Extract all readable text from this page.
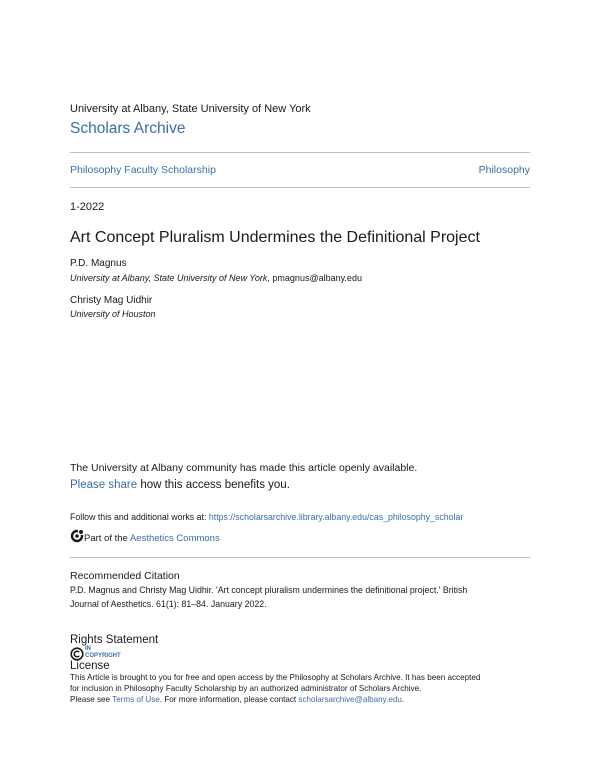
University at Albany, State University of New York
Scholars Archive
Philosophy Faculty Scholarship	Philosophy
1-2022
Art Concept Pluralism Undermines the Definitional Project
P.D. Magnus
University at Albany, State University of New York, pmagnus@albany.edu
Christy Mag Uidhir
University of Houston
The University at Albany community has made this article openly available.
Please share how this access benefits you.
Follow this and additional works at: https://scholarsarchive.library.albany.edu/cas_philosophy_scholar
Part of the Aesthetics Commons
Recommended Citation
P.D. Magnus and Christy Mag Uidhir. 'Art concept pluralism undermines the definitional project.' British
Journal of Aesthetics. 61(1): 81–84. January 2022.
Rights Statement
IN
COPYRIGHT
License
This Article is brought to you for free and open access by the Philosophy at Scholars Archive. It has been accepted
for inclusion in Philosophy Faculty Scholarship by an authorized administrator of Scholars Archive.
Please see Terms of Use. For more information, please contact scholarsarchive@albany.edu.
